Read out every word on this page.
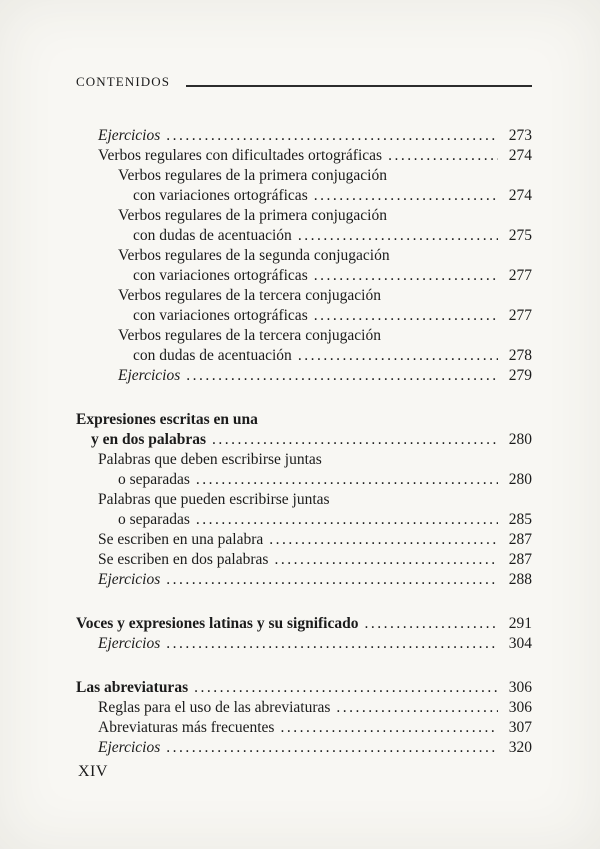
CONTENIDOS
Ejercicios .....	273
Verbos regulares con dificultades ortográficas .....	274
Verbos regulares de la primera conjugación
con variaciones ortográficas .....	274
Verbos regulares de la primera conjugación
con dudas de acentuación .....	275
Verbos regulares de la segunda conjugación
con variaciones ortográficas .....	277
Verbos regulares de la tercera conjugación
con variaciones ortográficas .....	277
Verbos regulares de la tercera conjugación
con dudas de acentuación .....	278
Ejercicios .....	279
Expresiones escritas en una
y en dos palabras .....	280
Palabras que deben escribirse juntas
o separadas .....	280
Palabras que pueden escribirse juntas
o separadas .....	285
Se escriben en una palabra .....	287
Se escriben en dos palabras .....	287
Ejercicios .....	288
Voces y expresiones latinas y su significado .....	291
Ejercicios .....	304
Las abreviaturas .....	306
Reglas para el uso de las abreviaturas .....	306
Abreviaturas más frecuentes .....	307
Ejercicios .....	320
XIV
